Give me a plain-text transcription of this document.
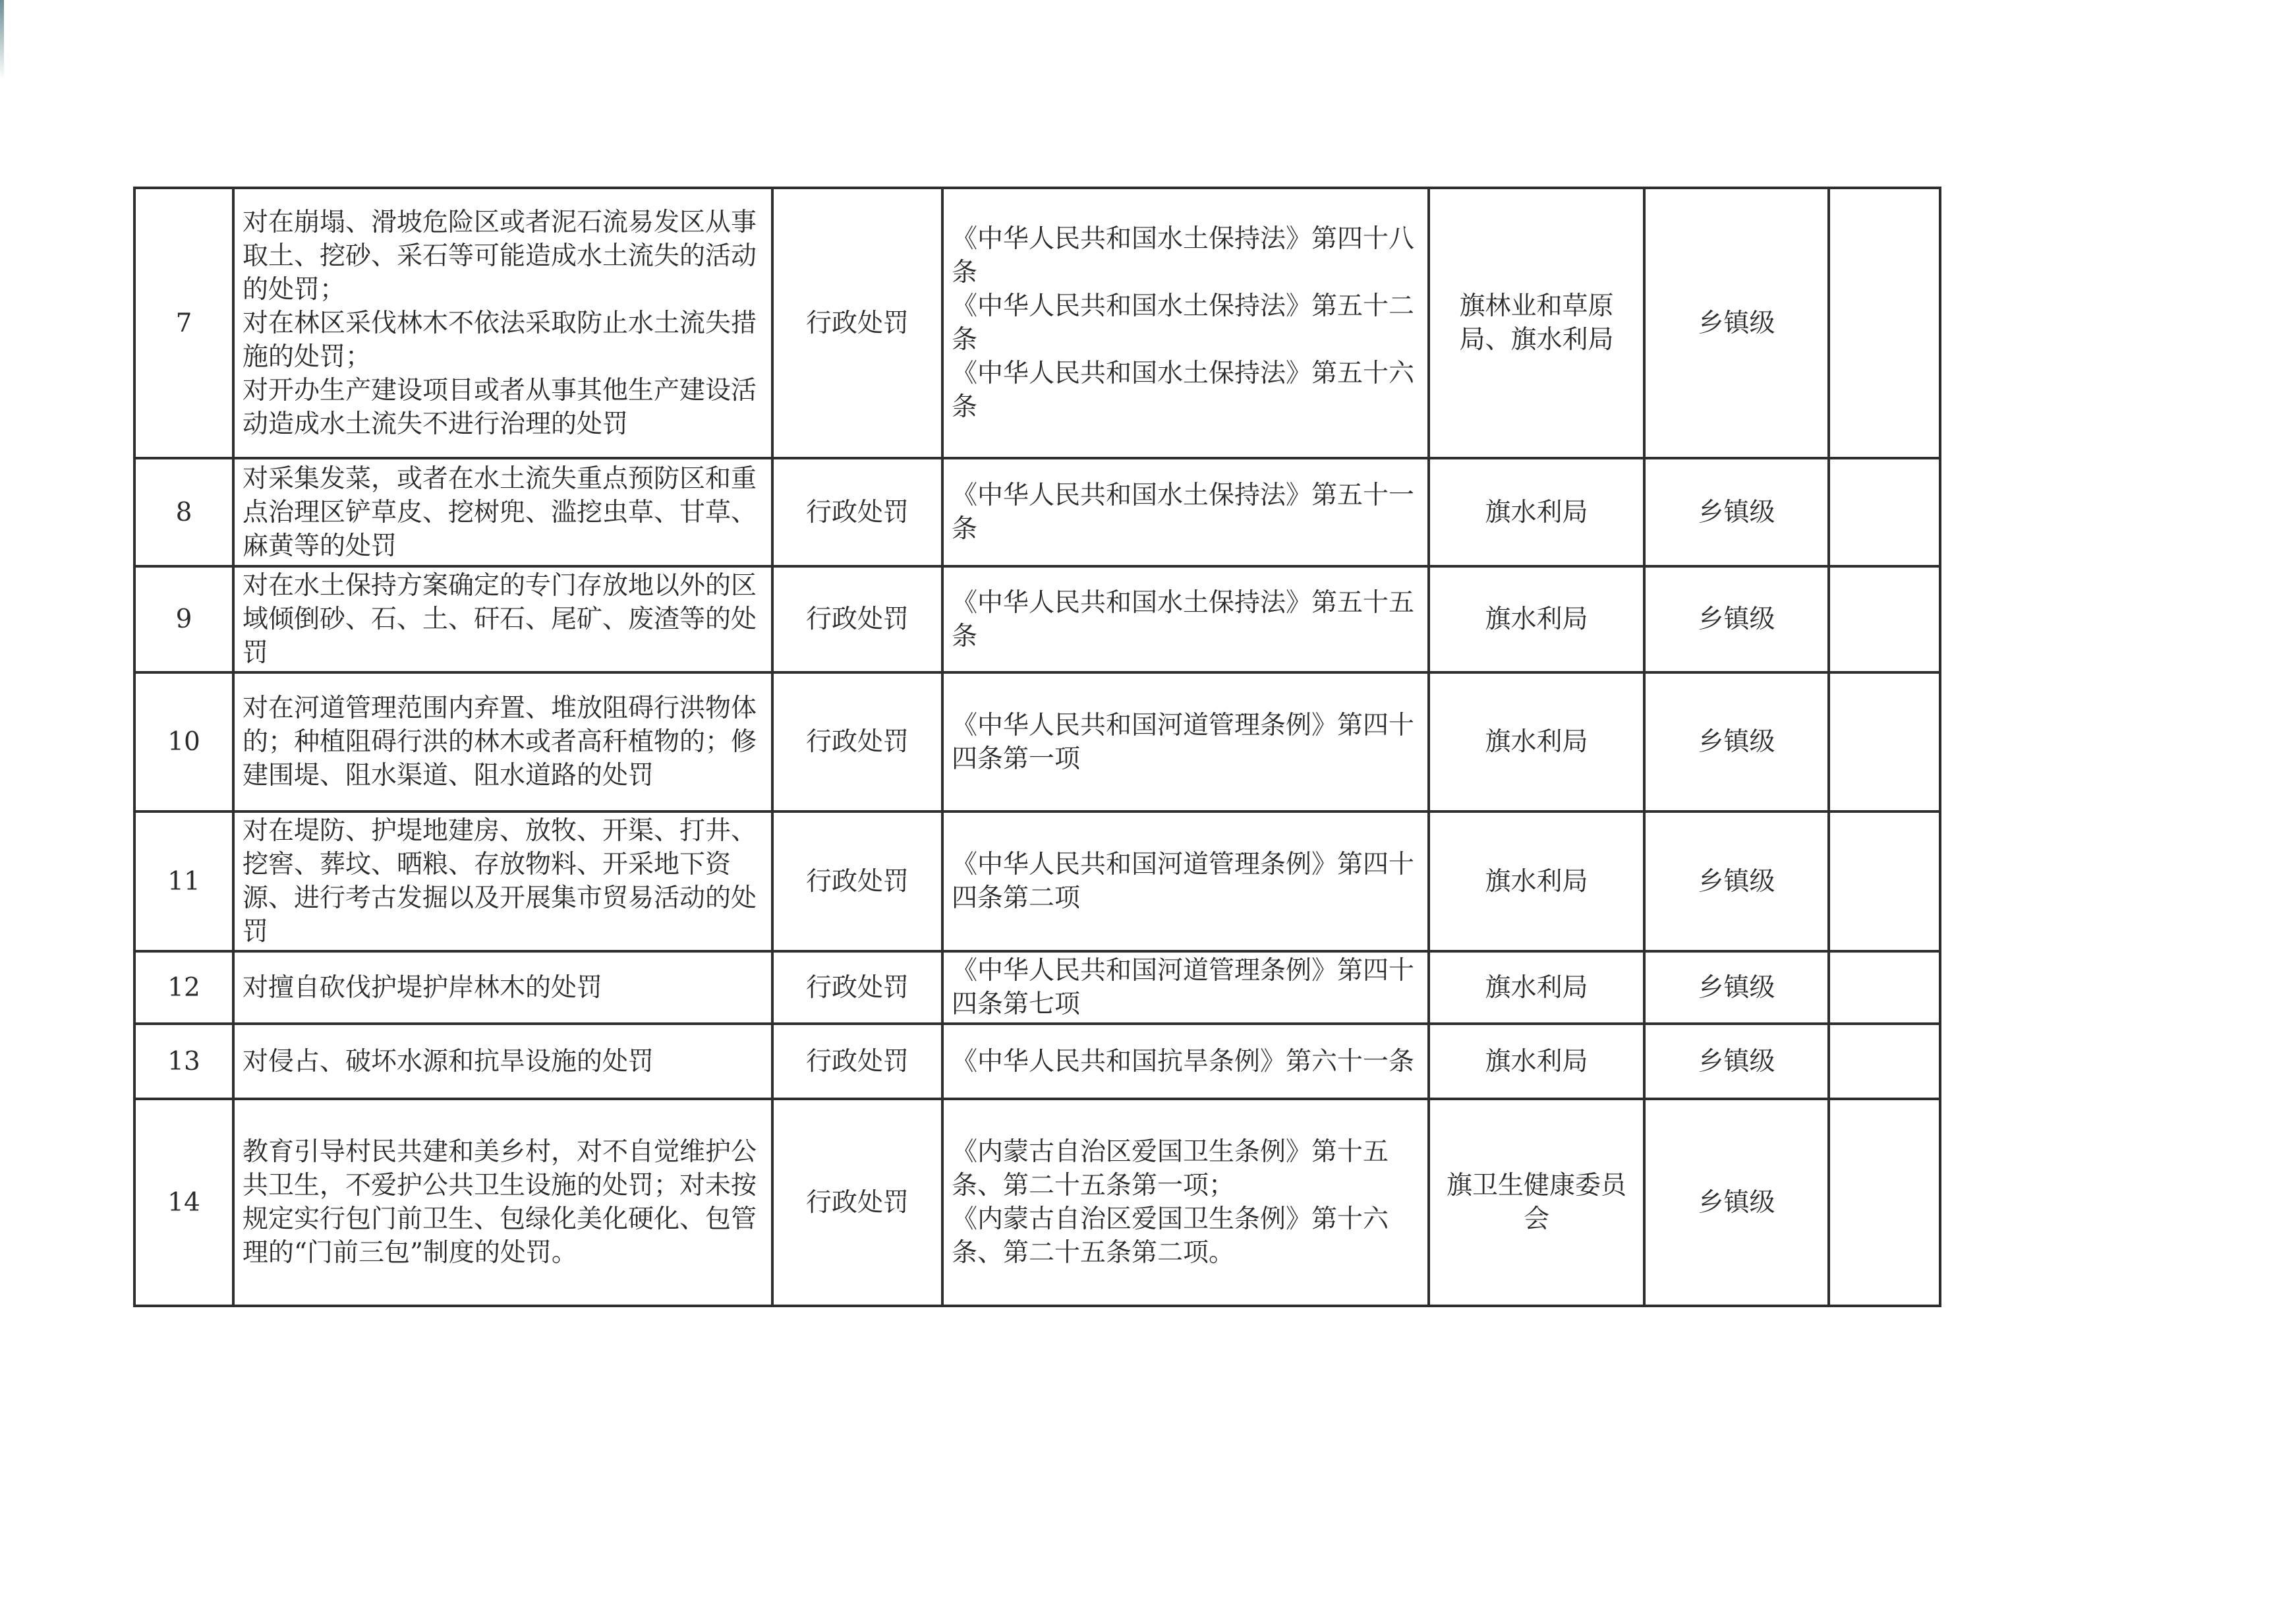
7	对在崩塌、滑坡危险区或者泥石流易发区从事取土、挖砂、采石等可能造成水土流失的活动的处罚；
对在林区采伐林木不依法采取防止水土流失措施的处罚；
对开办生产建设项目或者从事其他生产建设活动造成水土流失不进行治理的处罚	行政处罚	《中华人民共和国水土保持法》第四十八条
《中华人民共和国水土保持法》第五十二条
《中华人民共和国水土保持法》第五十六条	旗林业和草原局、旗水利局	乡镇级	
8	对采集发菜，或者在水土流失重点预防区和重点治理区铲草皮、挖树兜、滥挖虫草、甘草、麻黄等的处罚	行政处罚	《中华人民共和国水土保持法》第五十一条	旗水利局	乡镇级	
9	对在水土保持方案确定的专门存放地以外的区域倾倒砂、石、土、矸石、尾矿、废渣等的处罚	行政处罚	《中华人民共和国水土保持法》第五十五条	旗水利局	乡镇级	
10	对在河道管理范围内弃置、堆放阻碍行洪物体的；种植阻碍行洪的林木或者高秆植物的；修建围堤、阻水渠道、阻水道路的处罚	行政处罚	《中华人民共和国河道管理条例》第四十四条第一项	旗水利局	乡镇级	
11	对在堤防、护堤地建房、放牧、开渠、打井、挖窖、葬坟、晒粮、存放物料、开采地下资源、进行考古发掘以及开展集市贸易活动的处罚	行政处罚	《中华人民共和国河道管理条例》第四十四条第二项	旗水利局	乡镇级	
12	对擅自砍伐护堤护岸林木的处罚	行政处罚	《中华人民共和国河道管理条例》第四十四条第七项	旗水利局	乡镇级	
13	对侵占、破坏水源和抗旱设施的处罚	行政处罚	《中华人民共和国抗旱条例》第六十一条	旗水利局	乡镇级	
14	教育引导村民共建和美乡村，对不自觉维护公共卫生，不爱护公共卫生设施的处罚；对未按规定实行包门前卫生、包绿化美化硬化、包管理的“门前三包”制度的处罚。	行政处罚	《内蒙古自治区爱国卫生条例》第十五条、第二十五条第一项；
《内蒙古自治区爱国卫生条例》第十六条、第二十五条第二项。	旗卫生健康委员会	乡镇级	
